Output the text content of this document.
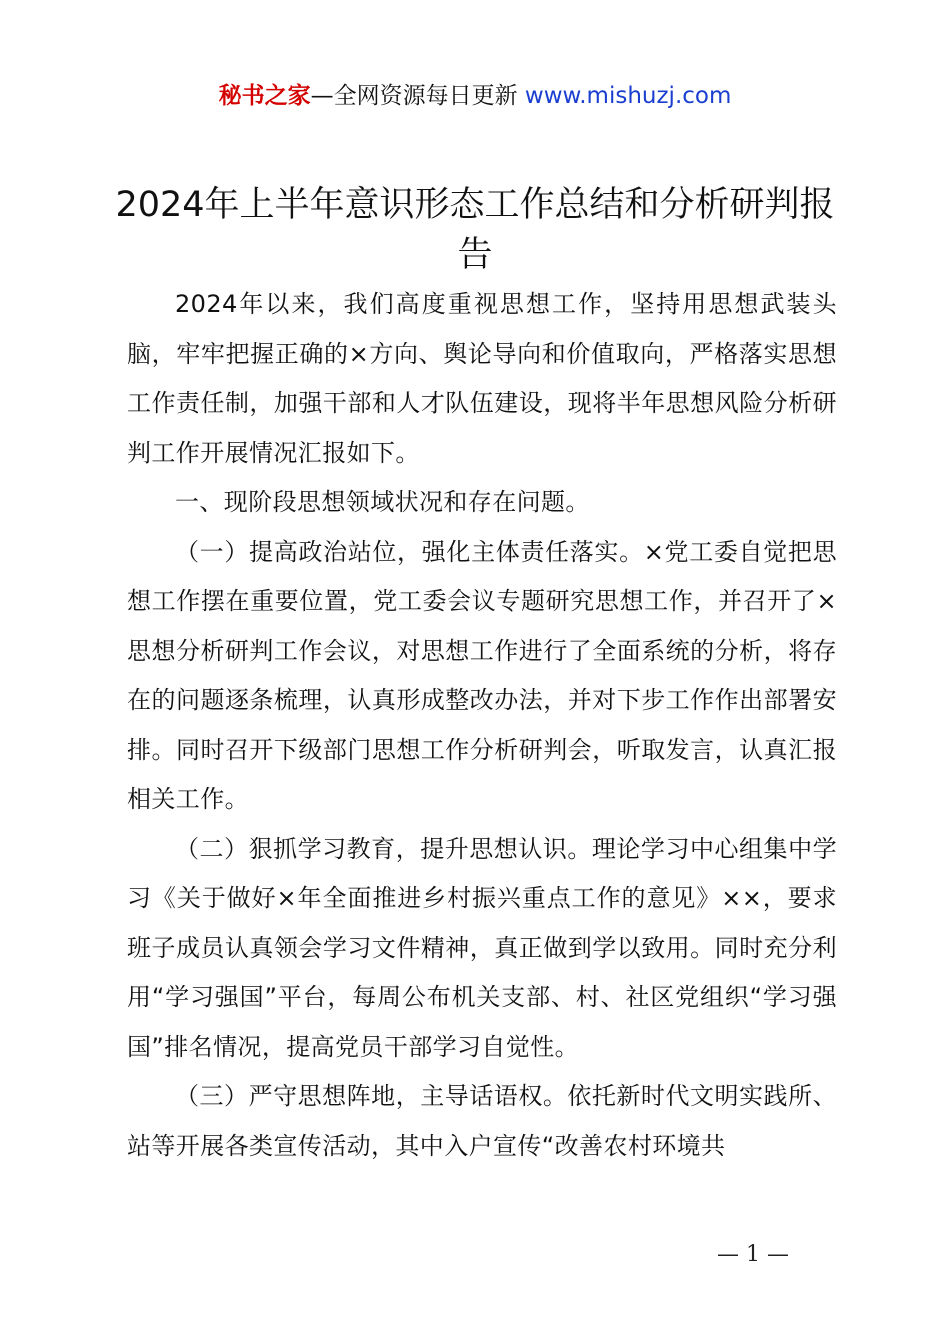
秘书之家—全网资源每日更新 www.mishuzj.com
2024年上半年意识形态工作总结和分析研判报告

2024年以来，我们高度重视思想工作，坚持用思想武装头脑，牢牢把握正确的×方向、舆论导向和价值取向，严格落实思想工作责任制，加强干部和人才队伍建设，现将半年思想风险分析研判工作开展情况汇报如下。

一、现阶段思想领域状况和存在问题。

（一）提高政治站位，强化主体责任落实。×党工委自觉把思想工作摆在重要位置，党工委会议专题研究思想工作，并召开了×思想分析研判工作会议，对思想工作进行了全面系统的分析，将存在的问题逐条梳理，认真形成整改办法，并对下步工作作出部署安排。同时召开下级部门思想工作分析研判会，听取发言，认真汇报相关工作。

（二）狠抓学习教育，提升思想认识。理论学习中心组集中学习《关于做好×年全面推进乡村振兴重点工作的意见》××，要求班子成员认真领会学习文件精神，真正做到学以致用。同时充分利用“学习强国”平台，每周公布机关支部、村、社区党组织“学习强国”排名情况，提高党员干部学习自觉性。

（三）严守思想阵地，主导话语权。依托新时代文明实践所、站等开展各类宣传活动，其中入户宣传“改善农村环境共

— 1 —
